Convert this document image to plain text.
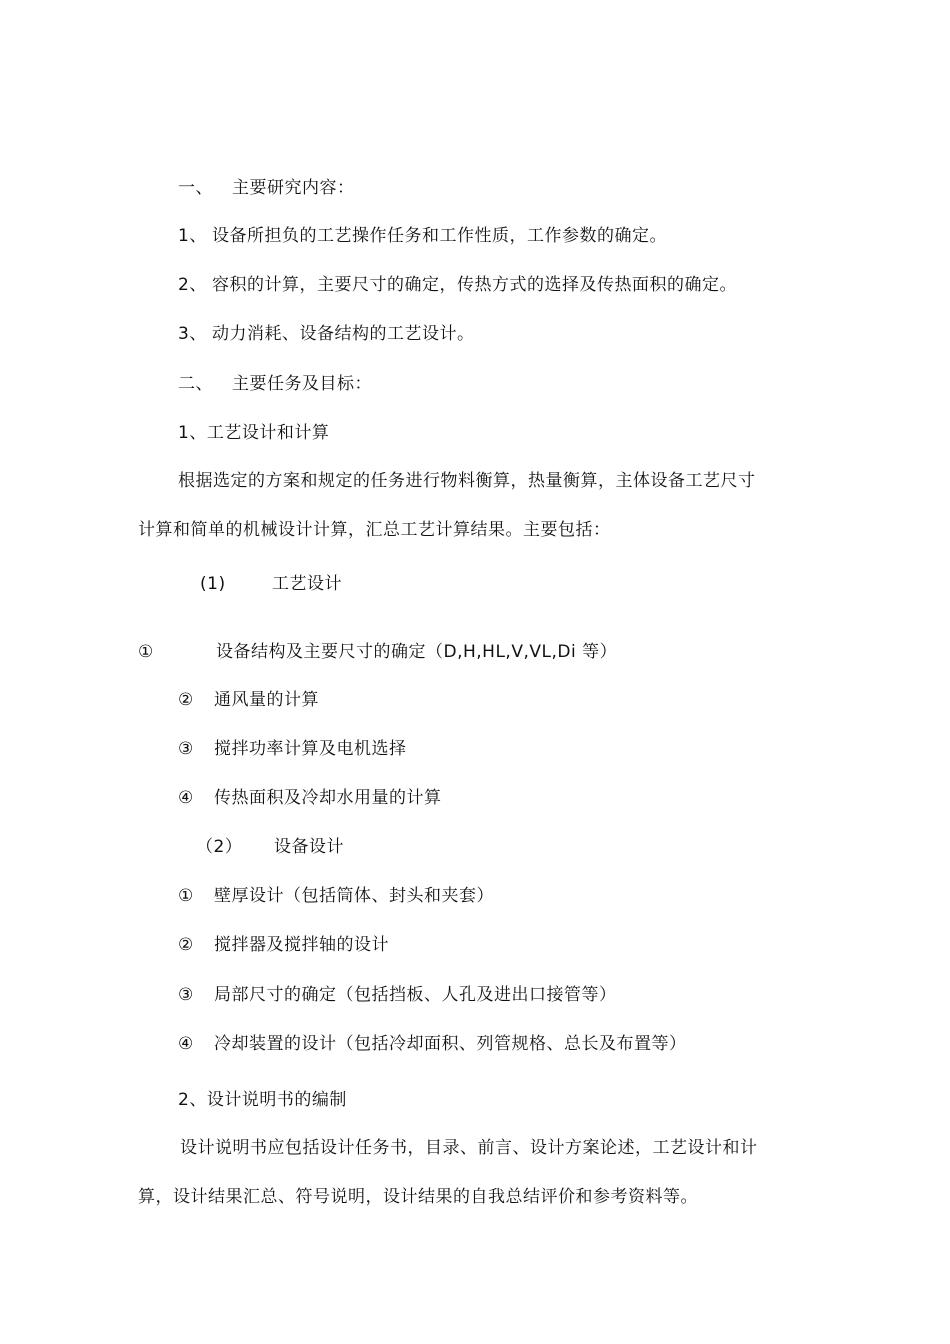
一、 主要研究内容：
1、 设备所担负的工艺操作任务和工作性质，工作参数的确定。
2、 容积的计算，主要尺寸的确定，传热方式的选择及传热面积的确定。
3、 动力消耗、设备结构的工艺设计。
二、 主要任务及目标：
1、工艺设计和计算
根据选定的方案和规定的任务进行物料衡算，热量衡算，主体设备工艺尺寸
计算和简单的机械设计计算，汇总工艺计算结果。主要包括：
(1)	工艺设计
①	设备结构及主要尺寸的确定（D,H,HL,V,VL,Di 等）
② 通风量的计算
③ 搅拌功率计算及电机选择
④ 传热面积及冷却水用量的计算
（2） 设备设计
① 壁厚设计（包括筒体、封头和夹套）
② 搅拌器及搅拌轴的设计
③ 局部尺寸的确定（包括挡板、人孔及进出口接管等）
④ 冷却装置的设计（包括冷却面积、列管规格、总长及布置等）
2、设计说明书的编制
设计说明书应包括设计任务书，目录、前言、设计方案论述，工艺设计和计
算，设计结果汇总、符号说明，设计结果的自我总结评价和参考资料等。
